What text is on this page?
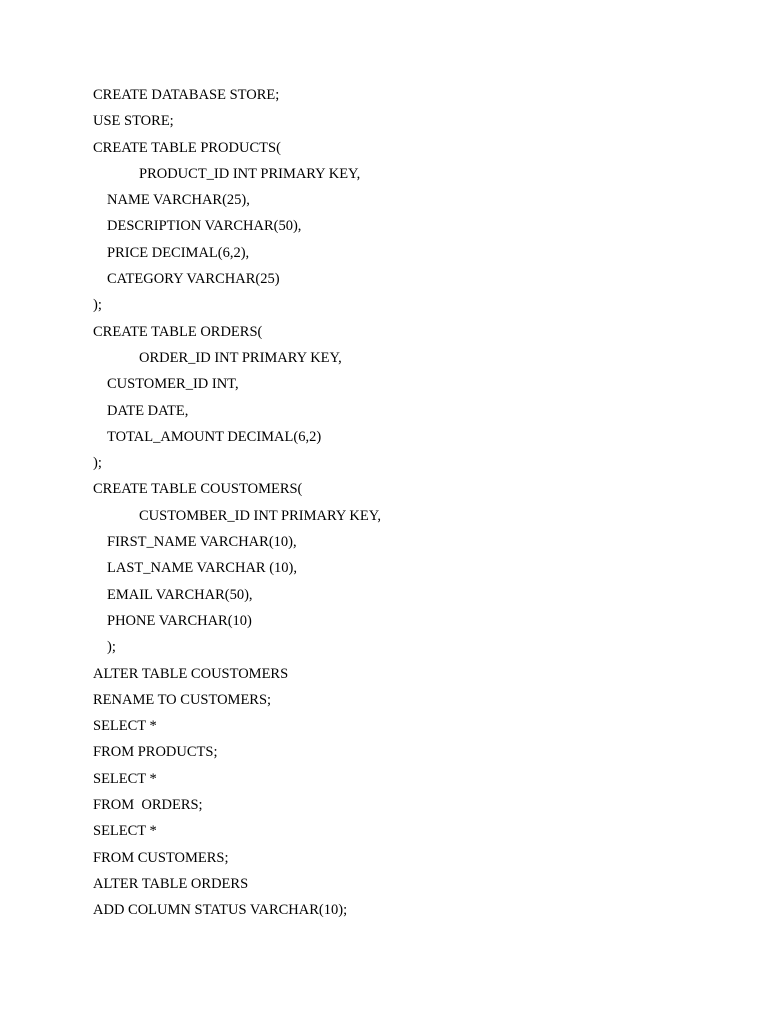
CREATE DATABASE STORE;
USE STORE;
CREATE TABLE PRODUCTS(
PRODUCT_ID INT PRIMARY KEY,
NAME VARCHAR(25),
DESCRIPTION VARCHAR(50),
PRICE DECIMAL(6,2),
CATEGORY VARCHAR(25)
);
CREATE TABLE ORDERS(
ORDER_ID INT PRIMARY KEY,
CUSTOMER_ID INT,
DATE DATE,
TOTAL_AMOUNT DECIMAL(6,2)
);
CREATE TABLE COUSTOMERS(
CUSTOMBER_ID INT PRIMARY KEY,
FIRST_NAME VARCHAR(10),
LAST_NAME VARCHAR (10),
EMAIL VARCHAR(50),
PHONE VARCHAR(10)
);
ALTER TABLE COUSTOMERS
RENAME TO CUSTOMERS;
SELECT *
FROM PRODUCTS;
SELECT *
FROM  ORDERS;
SELECT *
FROM CUSTOMERS;
ALTER TABLE ORDERS
ADD COLUMN STATUS VARCHAR(10);
